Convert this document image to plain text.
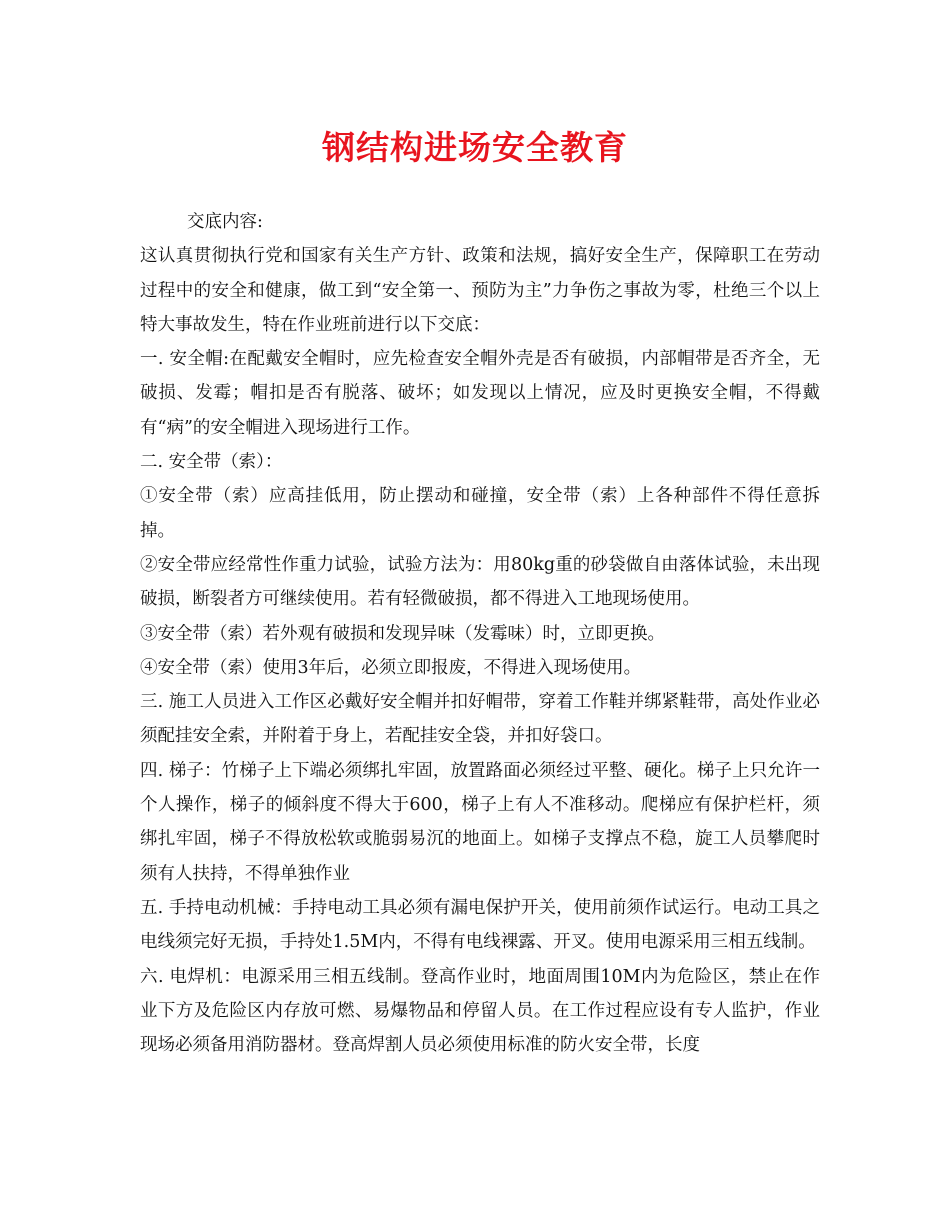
钢结构进场安全教育

交底内容:

这认真贯彻执行党和国家有关生产方针、政策和法规，搞好安全生产，保障职工在劳动过程中的安全和健康，做工到“安全第一、预防为主”力争伤之事故为零，杜绝三个以上特大事故发生，特在作业班前进行以下交底：

一. 安全帽:在配戴安全帽时，应先检查安全帽外壳是否有破损，内部帽带是否齐全，无破损、发霉；帽扣是否有脱落、破坏；如发现以上情况，应及时更换安全帽，不得戴有“病”的安全帽进入现场进行工作。

二. 安全带（索）：

①安全带（索）应高挂低用，防止摆动和碰撞，安全带（索）上各种部件不得任意拆掉。

②安全带应经常性作重力试验，试验方法为：用80kg重的砂袋做自由落体试验，未出现破损，断裂者方可继续使用。若有轻微破损，都不得进入工地现场使用。

③安全带（索）若外观有破损和发现异味（发霉味）时，立即更换。

④安全带（索）使用3年后，必须立即报废，不得进入现场使用。

三. 施工人员进入工作区必戴好安全帽并扣好帽带，穿着工作鞋并绑紧鞋带，高处作业必须配挂安全索，并附着于身上，若配挂安全袋，并扣好袋口。

四. 梯子：竹梯子上下端必须绑扎牢固，放置路面必须经过平整、硬化。梯子上只允许一个人操作，梯子的倾斜度不得大于600，梯子上有人不准移动。爬梯应有保护栏杆，须绑扎牢固，梯子不得放松软或脆弱易沉的地面上。如梯子支撑点不稳，旋工人员攀爬时须有人扶持，不得单独作业

五. 手持电动机械：手持电动工具必须有漏电保护开关，使用前须作试运行。电动工具之电线须完好无损，手持处1.5M内，不得有电线裸露、开叉。使用电源采用三相五线制。

六. 电焊机：电源采用三相五线制。登高作业时，地面周围10M内为危险区，禁止在作业下方及危险区内存放可燃、易爆物品和停留人员。在工作过程应设有专人监护，作业现场必须备用消防器材。登高焊割人员必须使用标准的防火安全带，长度
